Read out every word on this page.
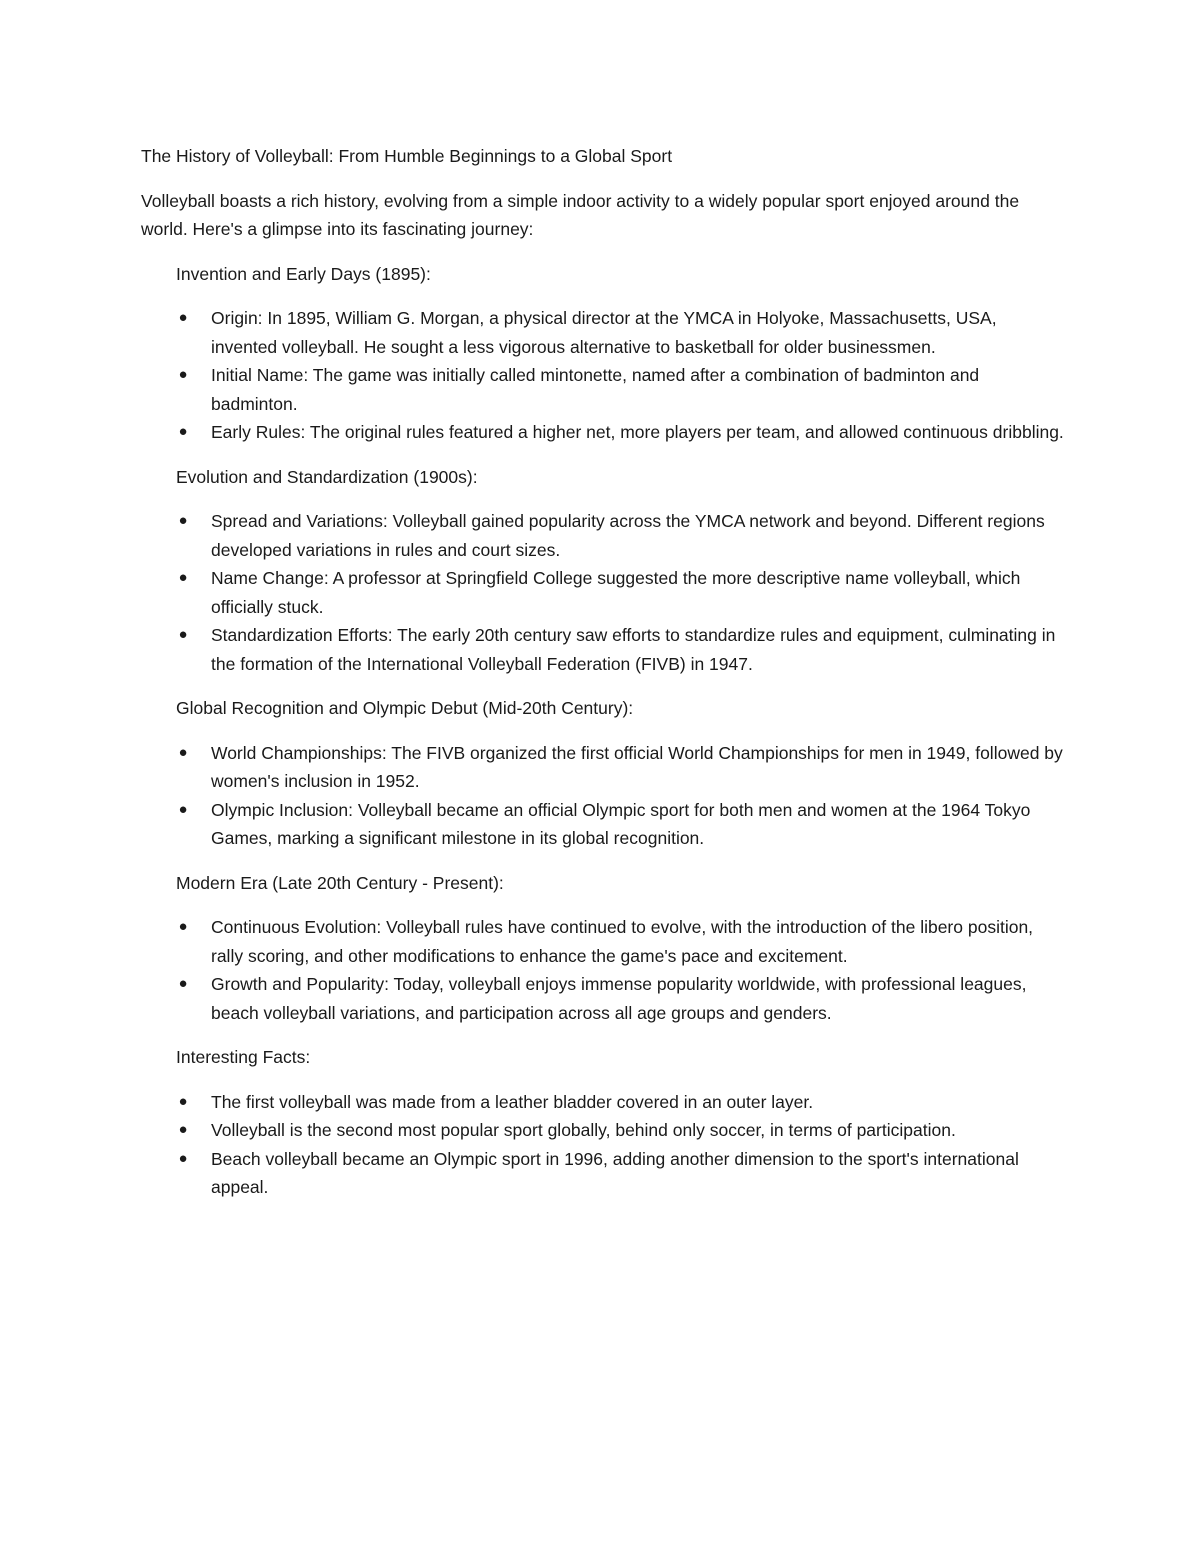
The History of Volleyball: From Humble Beginnings to a Global Sport
Volleyball boasts a rich history, evolving from a simple indoor activity to a widely popular sport enjoyed around the world. Here's a glimpse into its fascinating journey:
Invention and Early Days (1895):
● Origin: In 1895, William G. Morgan, a physical director at the YMCA in Holyoke, Massachusetts, USA, invented volleyball. He sought a less vigorous alternative to basketball for older businessmen.
● Initial Name: The game was initially called mintonette, named after a combination of badminton and badminton.
● Early Rules: The original rules featured a higher net, more players per team, and allowed continuous dribbling.
Evolution and Standardization (1900s):
● Spread and Variations: Volleyball gained popularity across the YMCA network and beyond. Different regions developed variations in rules and court sizes.
● Name Change: A professor at Springfield College suggested the more descriptive name volleyball, which officially stuck.
● Standardization Efforts: The early 20th century saw efforts to standardize rules and equipment, culminating in the formation of the International Volleyball Federation (FIVB) in 1947.
Global Recognition and Olympic Debut (Mid-20th Century):
● World Championships: The FIVB organized the first official World Championships for men in 1949, followed by women's inclusion in 1952.
● Olympic Inclusion: Volleyball became an official Olympic sport for both men and women at the 1964 Tokyo Games, marking a significant milestone in its global recognition.
Modern Era (Late 20th Century - Present):
● Continuous Evolution: Volleyball rules have continued to evolve, with the introduction of the libero position, rally scoring, and other modifications to enhance the game's pace and excitement.
● Growth and Popularity: Today, volleyball enjoys immense popularity worldwide, with professional leagues, beach volleyball variations, and participation across all age groups and genders.
Interesting Facts:
● The first volleyball was made from a leather bladder covered in an outer layer.
● Volleyball is the second most popular sport globally, behind only soccer, in terms of participation.
● Beach volleyball became an Olympic sport in 1996, adding another dimension to the sport's international appeal.
